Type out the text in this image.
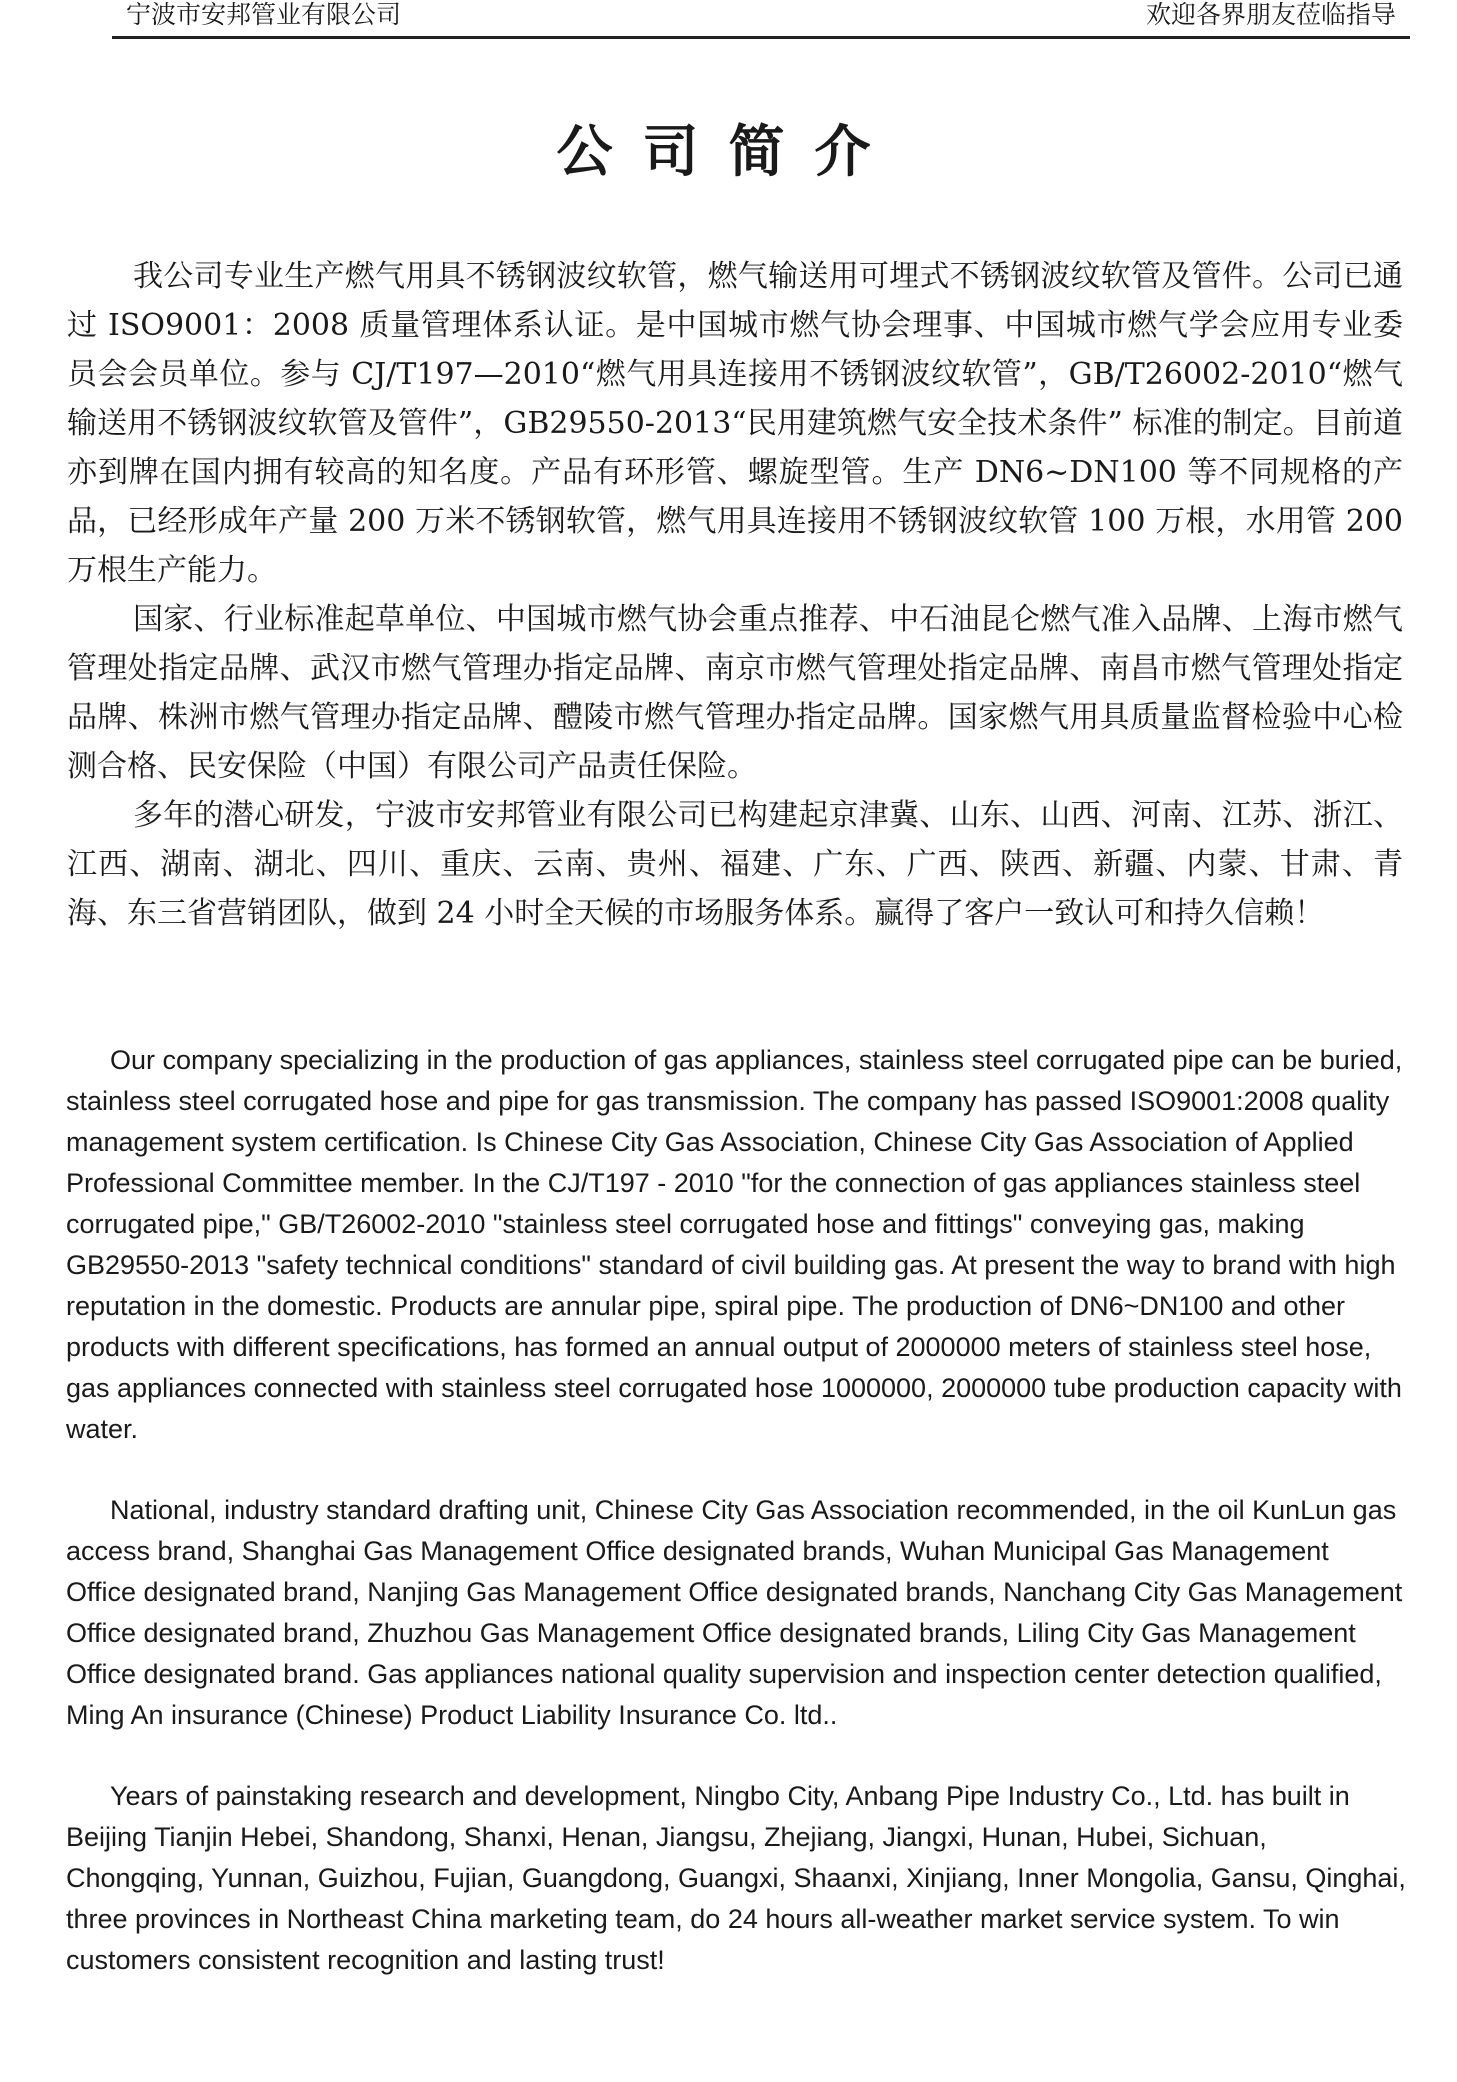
宁波市安邦管业有限公司	欢迎各界朋友莅临指导
公司简介

我公司专业生产燃气用具不锈钢波纹软管，燃气输送用可埋式不锈钢波纹软管及管件。公司已通过 ISO9001：2008 质量管理体系认证。是中国城市燃气协会理事、中国城市燃气学会应用专业委员会会员单位。参与 CJ/T197—2010“燃气用具连接用不锈钢波纹软管”，GB/T26002-2010“燃气输送用不锈钢波纹软管及管件”，GB29550-2013“民用建筑燃气安全技术条件” 标准的制定。目前道亦到牌在国内拥有较高的知名度。产品有环形管、螺旋型管。生产 DN6~DN100 等不同规格的产品，已经形成年产量 200 万米不锈钢软管，燃气用具连接用不锈钢波纹软管 100 万根，水用管 200 万根生产能力。

国家、行业标准起草单位、中国城市燃气协会重点推荐、中石油昆仑燃气准入品牌、上海市燃气管理处指定品牌、武汉市燃气管理办指定品牌、南京市燃气管理处指定品牌、南昌市燃气管理处指定品牌、株洲市燃气管理办指定品牌、醴陵市燃气管理办指定品牌。国家燃气用具质量监督检验中心检测合格、民安保险（中国）有限公司产品责任保险。

多年的潜心研发，宁波市安邦管业有限公司已构建起京津冀、山东、山西、河南、江苏、浙江、江西、湖南、湖北、四川、重庆、云南、贵州、福建、广东、广西、陕西、新疆、内蒙、甘肃、青海、东三省营销团队，做到 24 小时全天候的市场服务体系。赢得了客户一致认可和持久信赖！

Our company specializing in the production of gas appliances, stainless steel corrugated pipe can be buried, stainless steel corrugated hose and pipe for gas transmission. The company has passed ISO9001:2008 quality management system certification. Is Chinese City Gas Association, Chinese City Gas Association of Applied Professional Committee member. In the CJ/T197 - 2010 "for the connection of gas appliances stainless steel corrugated pipe," GB/T26002-2010 "stainless steel corrugated hose and fittings" conveying gas, making GB29550-2013 "safety technical conditions" standard of civil building gas. At present the way to brand with high reputation in the domestic. Products are annular pipe, spiral pipe. The production of DN6~DN100 and other products with different specifications, has formed an annual output of 2000000 meters of stainless steel hose, gas appliances connected with stainless steel corrugated hose 1000000, 2000000 tube production capacity with water.

National, industry standard drafting unit, Chinese City Gas Association recommended, in the oil KunLun gas access brand, Shanghai Gas Management Office designated brands, Wuhan Municipal Gas Management Office designated brand, Nanjing Gas Management Office designated brands, Nanchang City Gas Management Office designated brand, Zhuzhou Gas Management Office designated brands, Liling City Gas Management Office designated brand. Gas appliances national quality supervision and inspection center detection qualified, Ming An insurance (Chinese) Product Liability Insurance Co. ltd..

Years of painstaking research and development, Ningbo City, Anbang Pipe Industry Co., Ltd. has built in Beijing Tianjin Hebei, Shandong, Shanxi, Henan, Jiangsu, Zhejiang, Jiangxi, Hunan, Hubei, Sichuan, Chongqing, Yunnan, Guizhou, Fujian, Guangdong, Guangxi, Shaanxi, Xinjiang, Inner Mongolia, Gansu, Qinghai, three provinces in Northeast China marketing team, do 24 hours all-weather market service system. To win customers consistent recognition and lasting trust!
